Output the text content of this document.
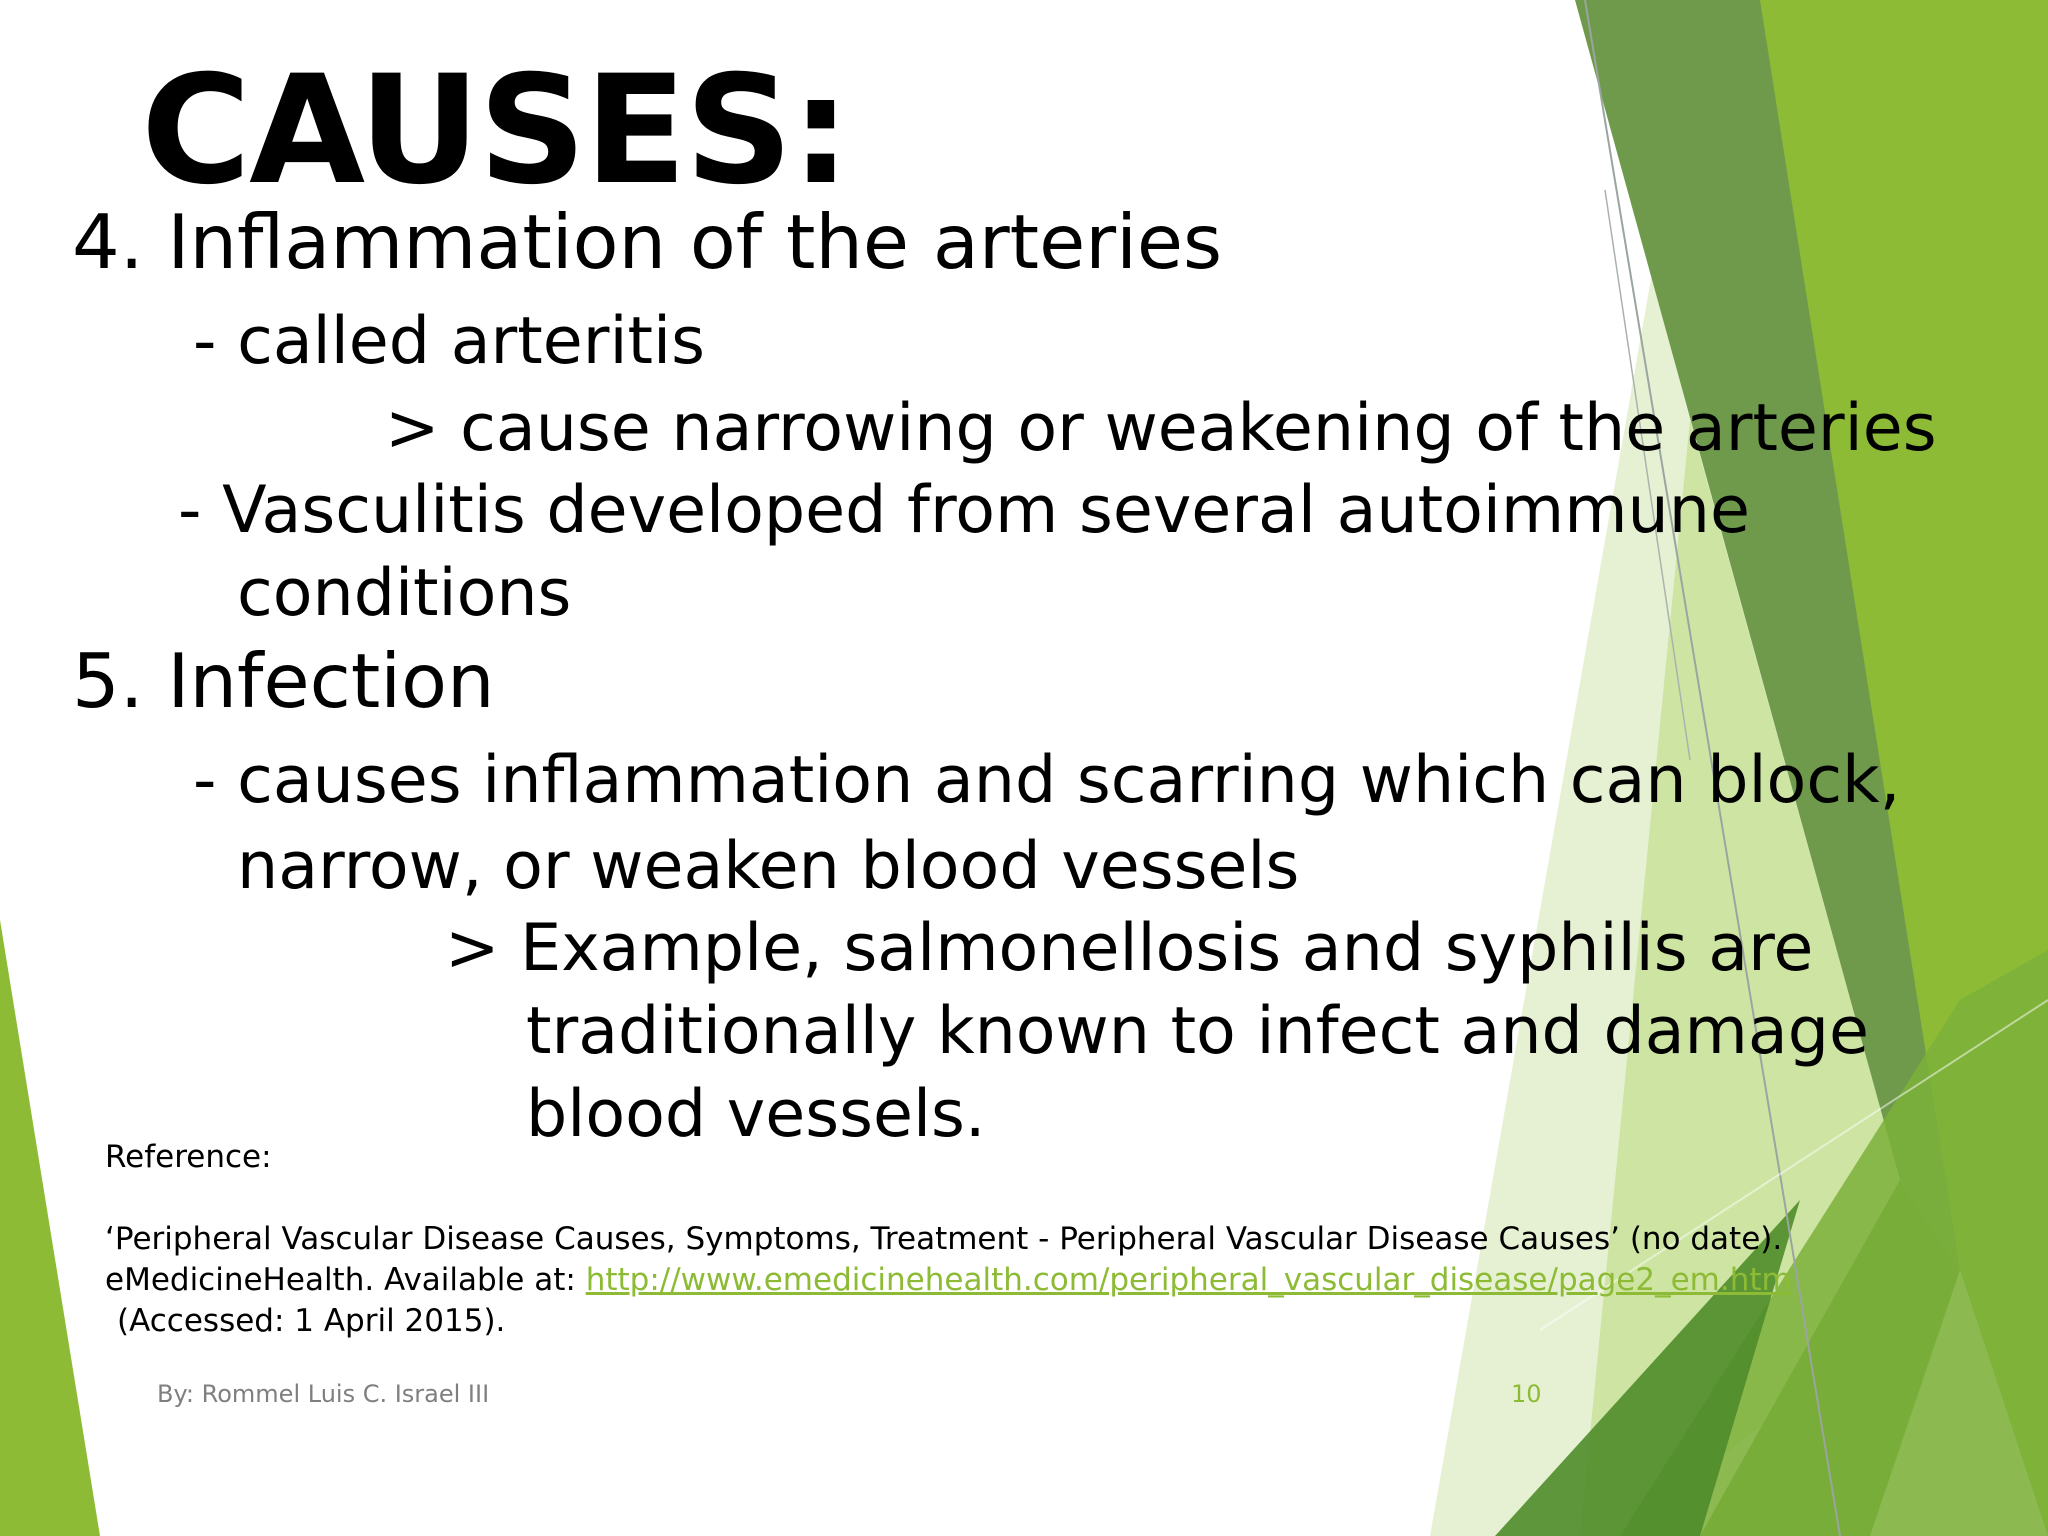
CAUSES:
4. Inflammation of the arteries
- called arteritis
> cause narrowing or weakening of the arteries
- Vasculitis developed from several autoimmune
conditions
5. Infection
- causes inflammation and scarring which can block,
narrow, or weaken blood vessels
> Example, salmonellosis and syphilis are
traditionally known to infect and damage
blood vessels.
Reference:
‘Peripheral Vascular Disease Causes, Symptoms, Treatment - Peripheral Vascular Disease Causes’ (no date).
eMedicineHealth. Available at: http://www.emedicinehealth.com/peripheral_vascular_disease/page2_em.htm
(Accessed: 1 April 2015).
By: Rommel Luis C. Israel III	10
